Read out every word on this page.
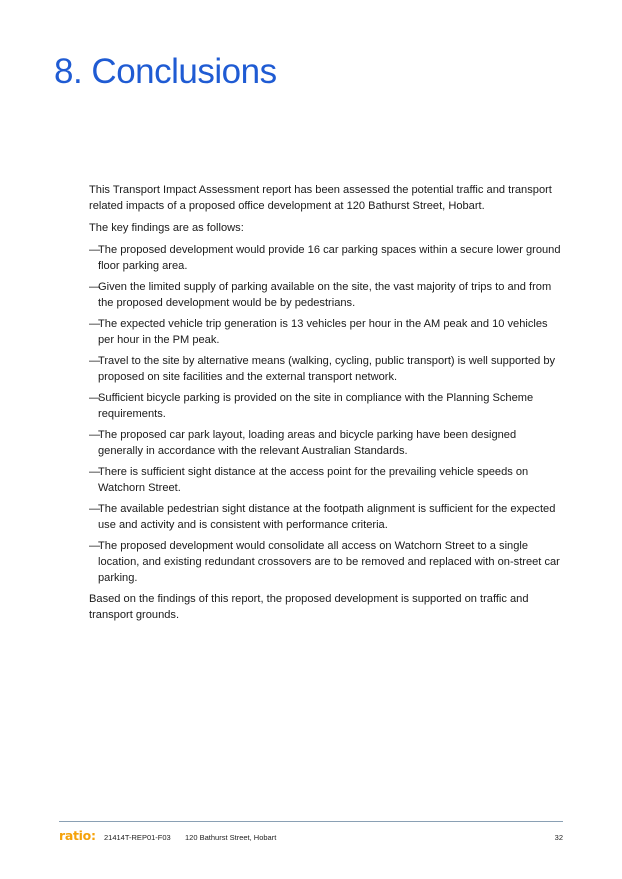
8. Conclusions

This Transport Impact Assessment report has been assessed the potential traffic and transport related impacts of a proposed office development at 120 Bathurst Street, Hobart.

The key findings are as follows:

—
The proposed development would provide 16 car parking spaces within a secure lower ground floor parking area.
—
Given the limited supply of parking available on the site, the vast majority of trips to and from the proposed development would be by pedestrians.
—
The expected vehicle trip generation is 13 vehicles per hour in the AM peak and 10 vehicles per hour in the PM peak.
—
Travel to the site by alternative means (walking, cycling, public transport) is well supported by proposed on site facilities and the external transport network.
—
Sufficient bicycle parking is provided on the site in compliance with the Planning Scheme requirements.
—
The proposed car park layout, loading areas and bicycle parking have been designed generally in accordance with the relevant Australian Standards.
—
There is sufficient sight distance at the access point for the prevailing vehicle speeds on Watchorn Street.
—
The available pedestrian sight distance at the footpath alignment is sufficient for the expected use and activity and is consistent with performance criteria.
—
The proposed development would consolidate all access on Watchorn Street to a single location, and existing redundant crossovers are to be removed and replaced with on-street car parking.

Based on the findings of this report, the proposed development is supported on traffic and transport grounds.

ratio: 21414T-REP01-F03 120 Bathurst Street, Hobart	32
